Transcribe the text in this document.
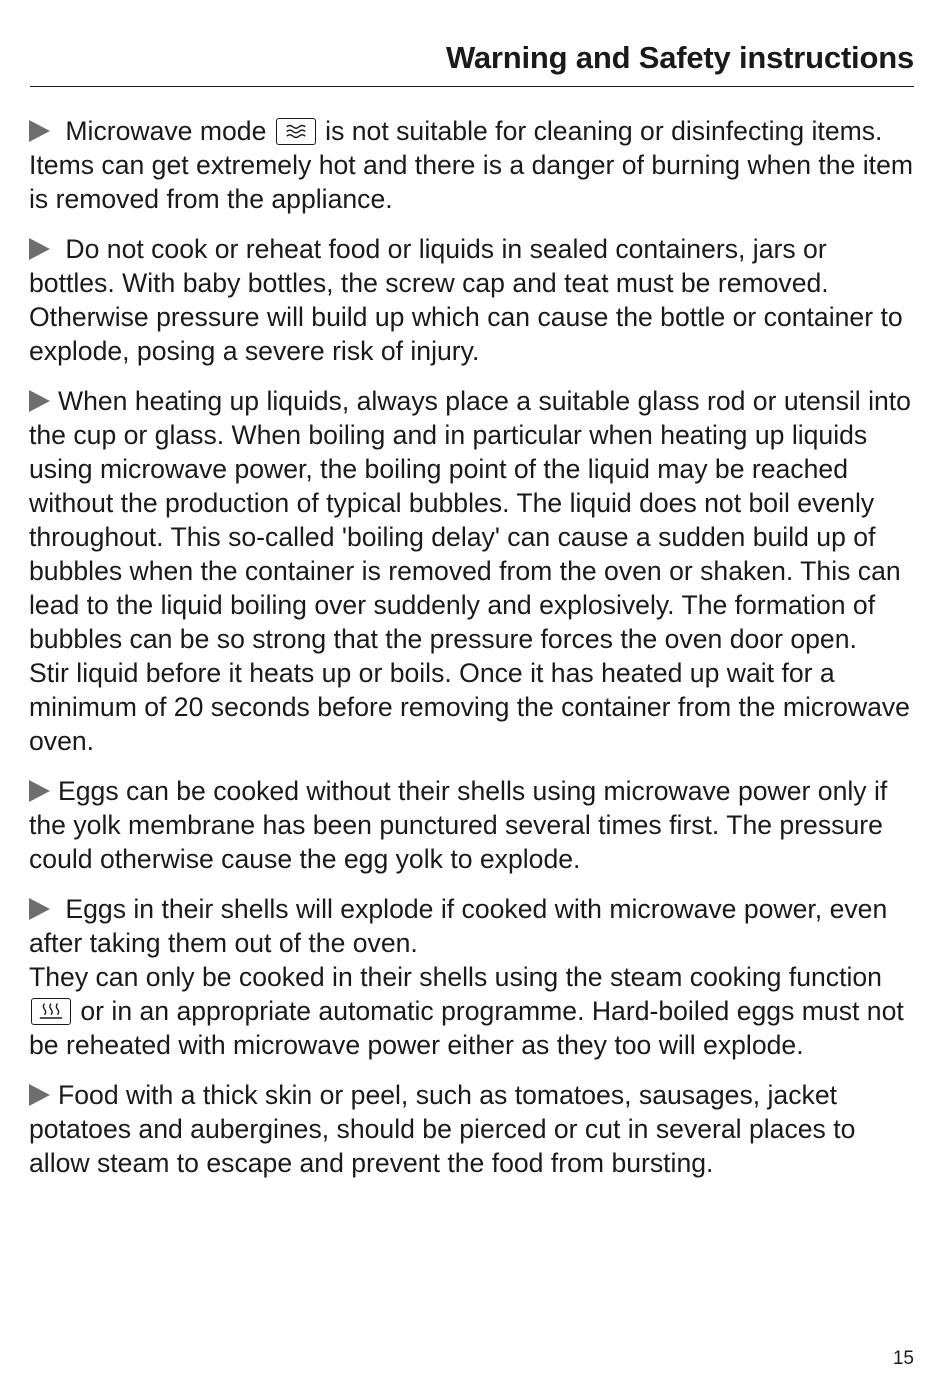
Warning and Safety instructions

Microwave mode is not suitable for cleaning or disinfecting items. Items can get extremely hot and there is a danger of burning when the item is removed from the appliance.

Do not cook or reheat food or liquids in sealed containers, jars or bottles. With baby bottles, the screw cap and teat must be removed. Otherwise pressure will build up which can cause the bottle or container to explode, posing a severe risk of injury.

When heating up liquids, always place a suitable glass rod or utensil into the cup or glass. When boiling and in particular when heating up liquids using microwave power, the boiling point of the liquid may be reached without the production of typical bubbles. The liquid does not boil evenly throughout. This so-called 'boiling delay' can cause a sudden build up of bubbles when the container is removed from the oven or shaken. This can lead to the liquid boiling over suddenly and explosively. The formation of bubbles can be so strong that the pressure forces the oven door open.

Stir liquid before it heats up or boils. Once it has heated up wait for a minimum of 20 seconds before removing the container from the microwave oven.

Eggs can be cooked without their shells using microwave power only if the yolk membrane has been punctured several times first. The pressure could otherwise cause the egg yolk to explode.

Eggs in their shells will explode if cooked with microwave power, even after taking them out of the oven.

They can only be cooked in their shells using the steam cooking function
or in an appropriate automatic programme. Hard-boiled eggs must not be reheated with microwave power either as they too will explode.

Food with a thick skin or peel, such as tomatoes, sausages, jacket potatoes and aubergines, should be pierced or cut in several places to allow steam to escape and prevent the food from bursting.

15
